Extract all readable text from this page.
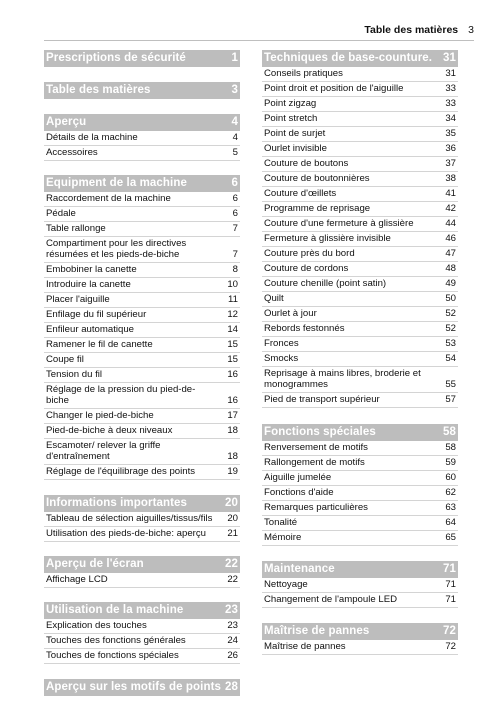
Table des matières 3
Prescriptions de sécurité	1
Table des matières	3
Aperçu	4
Détails de la machine	4
Accessoires	5
Equipment de la machine	6
Raccordement de la machine	6
Pédale	6
Table rallonge	7
Compartiment pour les directives résumées et les pieds-de-biche	7
Embobiner la canette	8
Introduire la canette	10
Placer l'aiguille	11
Enfilage du fil supérieur	12
Enfileur automatique	14
Ramener le fil de canette	15
Coupe fil	15
Tension du fil	16
Réglage de la pression du pied-de-biche	16
Changer le pied-de-biche	17
Pied-de-biche à deux niveaux	18
Escamoter/ relever la griffe d'entraînement	18
Réglage de l'équilibrage des points	19
Informations importantes	20
Tableau de sélection aiguilles/tissus/fils	20
Utilisation des pieds-de-biche: aperçu	21
Aperçu de l'écran	22
Affichage LCD	22
Utilisation de la machine	23
Explication des touches	23
Touches des fonctions générales	24
Touches de fonctions spéciales	26
Aperçu sur les motifs de points 28
Techniques de base-counture. 31
Conseils pratiques	31
Point droit et position de l'aiguille	33
Point zigzag	33
Point stretch	34
Point de surjet	35
Ourlet invisible	36
Couture de boutons	37
Couture de boutonnières	38
Couture d'œillets	41
Programme de reprisage	42
Couture d'une fermeture à glissière	44
Fermeture à glissière invisible	46
Couture près du bord	47
Couture de cordons	48
Couture chenille (point satin)	49
Quilt	50
Ourlet à jour	52
Rebords festonnés	52
Fronces	53
Smocks	54
Reprisage à mains libres, broderie et monogrammes	55
Pied de transport supérieur	57
Fonctions spéciales	58
Renversement de motifs	58
Rallongement de motifs	59
Aiguille jumelée	60
Fonctions d'aide	62
Remarques particulières	63
Tonalité	64
Mémoire	65
Maintenance	71
Nettoyage	71
Changement de l'ampoule LED	71
Maîtrise de pannes	72
Maîtrise de pannes	72
